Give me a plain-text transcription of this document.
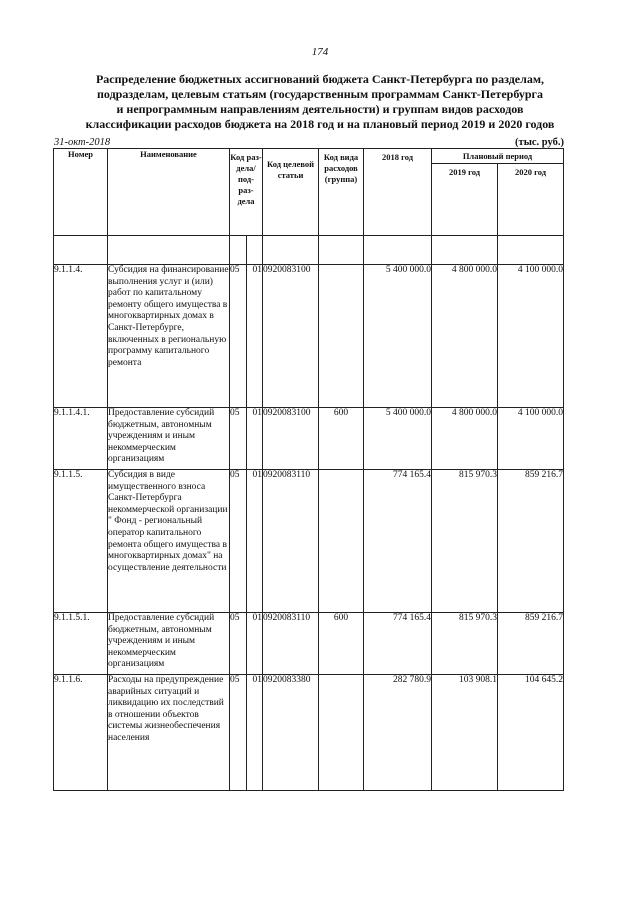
174
Распределение бюджетных ассигнований бюджета Санкт-Петербурга по разделам,
подразделам, целевым статьям (государственным программам Санкт-Петербурга
и непрограммным направлениям деятельности) и группам видов расходов
классификации расходов бюджета на 2018 год и на плановый период 2019 и 2020 годов
31-окт-2018	(тыс. руб.)
Номер	Наименование	Код раз- дела/ под- раз- дела		Код целевой статьи	Код вида расходов (группа)	2018 год	Плановый период	
							2019 год	2020 год

9.1.1.4.	Субсидия на финансирование выполнения услуг и (или) работ по капитальному ремонту общего имущества в многоквартирных домах в Санкт-Петербурге, включенных в региональную программу капитального ремонта	05	01	0920083100		5 400 000.0	4 800 000.0	4 100 000.0
9.1.1.4.1.	Предоставление субсидий бюджетным, автономным учреждениям и иным некоммерческим организациям	05	01	0920083100	600	5 400 000.0	4 800 000.0	4 100 000.0
9.1.1.5.	Субсидия в виде имущественного взноса Санкт-Петербурга некоммерческой организации " Фонд - региональный оператор капитального ремонта общего имущества в многоквартирных домах" на осуществление деятельности	05	01	0920083110		774 165.4	815 970.3	859 216.7
9.1.1.5.1.	Предоставление субсидий бюджетным, автономным учреждениям и иным некоммерческим организациям	05	01	0920083110	600	774 165.4	815 970.3	859 216.7
9.1.1.6.	Расходы на предупреждение аварийных ситуаций и ликвидацию их последствий в отношении объектов системы жизнеобеспечения населения	05	01	0920083380		282 780.9	103 908.1	104 645.2
